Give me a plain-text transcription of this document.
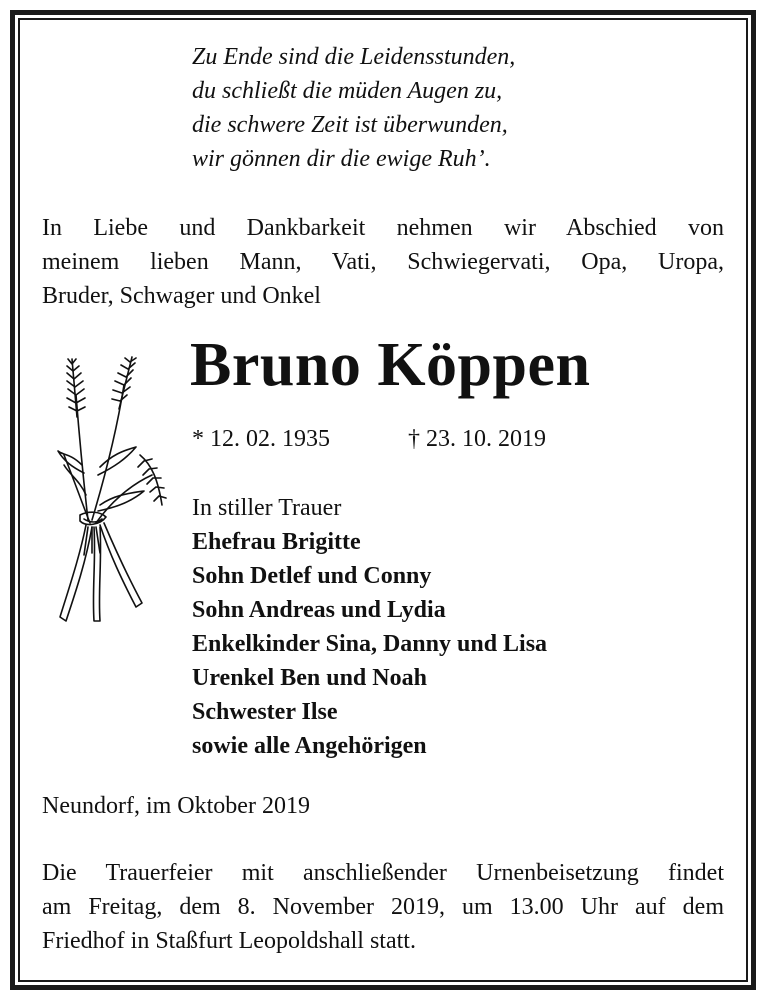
Zu Ende sind die Leidensstunden,
du schließt die müden Augen zu,
die schwere Zeit ist überwunden,
wir gönnen dir die ewige Ruh’.
In Liebe und Dankbarkeit nehmen wir Abschied von
meinem lieben Mann, Vati, Schwiegervati, Opa, Uropa,
Bruder, Schwager und Onkel
Bruno Köppen
* 12. 02. 1935	† 23. 10. 2019
In stiller Trauer
Ehefrau Brigitte
Sohn Detlef und Conny
Sohn Andreas und Lydia
Enkelkinder Sina, Danny und Lisa
Urenkel Ben und Noah
Schwester Ilse
sowie alle Angehörigen
Neundorf, im Oktober 2019
Die Trauerfeier mit anschließender Urnenbeisetzung findet
am Freitag, dem 8. November 2019, um 13.00 Uhr auf dem
Friedhof in Staßfurt Leopoldshall statt.
